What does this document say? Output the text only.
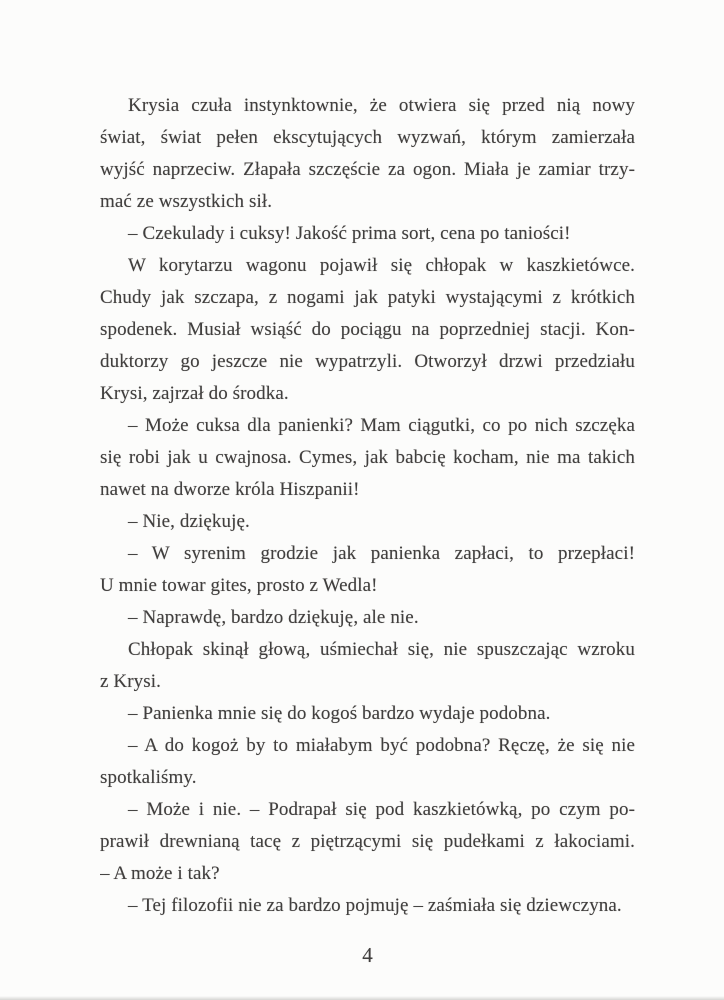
Krysia czuła instynktownie, że otwiera się przed nią nowy
świat, świat pełen ekscytujących wyzwań, którym zamierzała
wyjść naprzeciw. Złapała szczęście za ogon. Miała je zamiar trzy-
mać ze wszystkich sił.

– Czekulady i cuksy! Jakość prima sort, cena po taniości!

W korytarzu wagonu pojawił się chłopak w kaszkietówce.
Chudy jak szczapa, z nogami jak patyki wystającymi z krótkich
spodenek. Musiał wsiąść do pociągu na poprzedniej stacji. Kon-
duktorzy go jeszcze nie wypatrzyli. Otworzył drzwi przedziału
Krysi, zajrzał do środka.

– Może cuksa dla panienki? Mam ciągutki, co po nich szczęka
się robi jak u cwajnosa. Cymes, jak babcię kocham, nie ma takich
nawet na dworze króla Hiszpanii!

– Nie, dziękuję.

– W syrenim grodzie jak panienka zapłaci, to przepłaci!
U mnie towar gites, prosto z Wedla!

– Naprawdę, bardzo dziękuję, ale nie.

Chłopak skinął głową, uśmiechał się, nie spuszczając wzroku
z Krysi.

– Panienka mnie się do kogoś bardzo wydaje podobna.

– A do kogoż by to miałabym być podobna? Ręczę, że się nie
spotkaliśmy.

– Może i nie. – Podrapał się pod kaszkietówką, po czym po-
prawił drewnianą tacę z piętrzącymi się pudełkami z łakociami.
– A może i tak?

– Tej filozofii nie za bardzo pojmuję – zaśmiała się dziewczyna.

4
